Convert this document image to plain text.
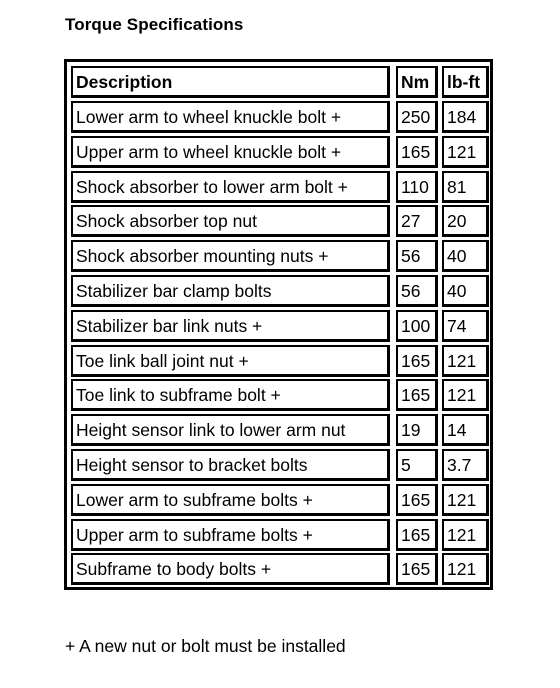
Torque Specifications
Description	Nm	lb-ft
Lower arm to wheel knuckle bolt +	250 184
Upper arm to wheel knuckle bolt +	165 121
Shock absorber to lower arm bolt +	110	81
Shock absorber top nut	27	20
Shock absorber mounting nuts +	56	40
Stabilizer bar clamp bolts	56	40
Stabilizer bar link nuts +	100 74
Toe link ball joint nut +	165 121
Toe link to subframe bolt +	165 121
Height sensor link to lower arm nut	19	14
Height sensor to bracket bolts	5	3.7
Lower arm to subframe bolts +	165 121
Upper arm to subframe bolts +	165 121
Subframe to body bolts +	165 121
+ A new nut or bolt must be installed
